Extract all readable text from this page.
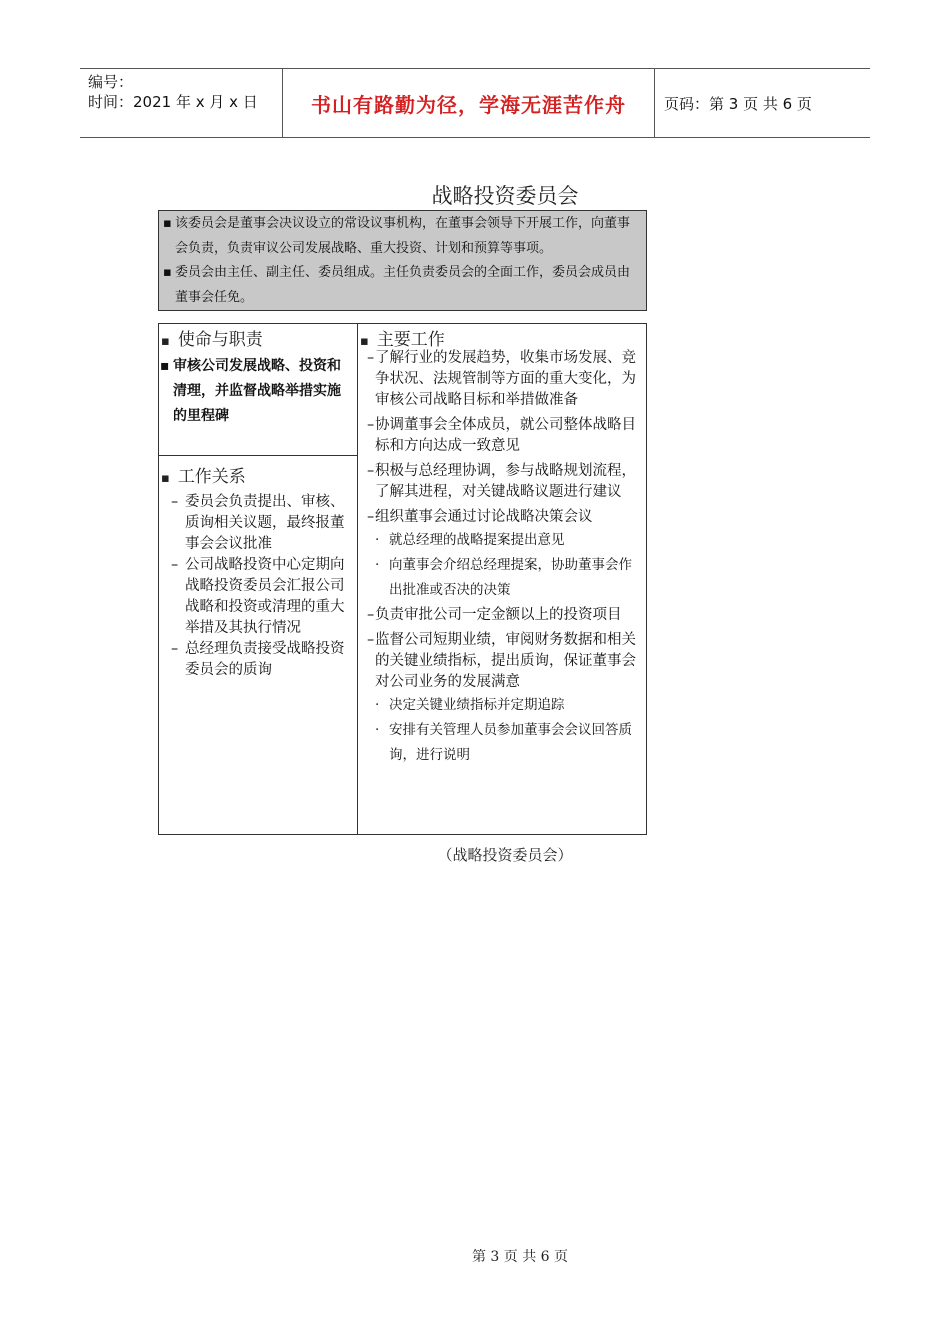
编号：
时间：2021 年 x 月 x 日	书山有路勤为径，学海无涯苦作舟	页码：第 3 页 共 6 页
战略投资委员会

▪ 该委员会是董事会决议设立的常设议事机构，在董事会领导下开展工作，向董事会负责，负责审议公司发展战略、重大投资、计划和预算等事项。

▪ 委员会由主任、副主任、委员组成。主任负责委员会的全面工作，委员会成员由董事会任免。

▪ 使命与职责
▪ 审核公司发展战略、投资和清理，并监督战略举措实施的里程碑
▪ 工作关系
– 委员会负责提出、审核、质询相关议题，最终报董事会会议批准
– 公司战略投资中心定期向战略投资委员会汇报公司战略和投资或清理的重大举措及其执行情况
– 总经理负责接受战略投资委员会的质询
▪ 主要工作
– 了解行业的发展趋势，收集市场发展、竞争状况、法规管制等方面的重大变化，为审核公司战略目标和举措做准备
– 协调董事会全体成员，就公司整体战略目标和方向达成一致意见
– 积极与总经理协调，参与战略规划流程，了解其进程，对关键战略议题进行建议
– 组织董事会通过讨论战略决策会议
· 就总经理的战略提案提出意见
· 向董事会介绍总经理提案，协助董事会作出批准或否决的决策
– 负责审批公司一定金额以上的投资项目
– 监督公司短期业绩，审阅财务数据和相关的关键业绩指标，提出质询，保证董事会对公司业务的发展满意
· 决定关键业绩指标并定期追踪
· 安排有关管理人员参加董事会会议回答质询，进行说明
（战略投资委员会）
第 3 页 共 6 页
